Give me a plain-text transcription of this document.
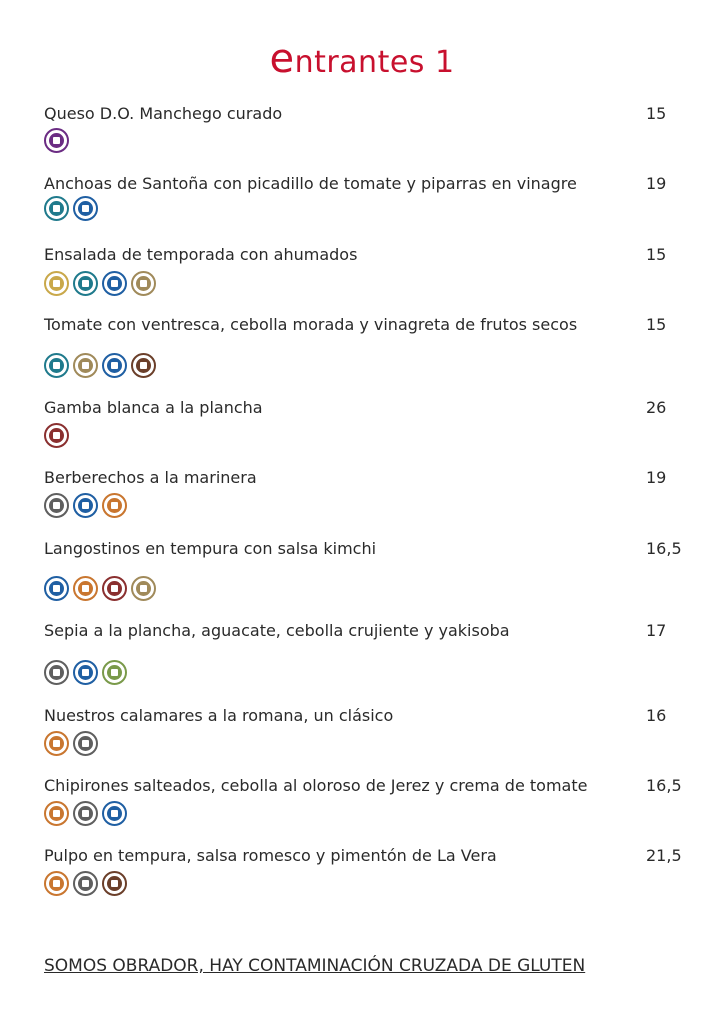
entrantes 1
Queso D.O. Manchego curado	15
Anchoas de Santoña con picadillo de tomate y piparras en vinagre	19
Ensalada de temporada con ahumados	15
Tomate con ventresca, cebolla morada y vinagreta de frutos secos	15
Gamba blanca a la plancha	26
Berberechos a la marinera	19
Langostinos en tempura con salsa kimchi	16,5
Sepia a la plancha, aguacate, cebolla crujiente y yakisoba	17
Nuestros calamares a la romana, un clásico	16
Chipirones salteados, cebolla al oloroso de Jerez y crema de tomate	16,5
Pulpo en tempura, salsa romesco y pimentón de La Vera	21,5
SOMOS OBRADOR, HAY CONTAMINACIÓN CRUZADA DE GLUTEN
